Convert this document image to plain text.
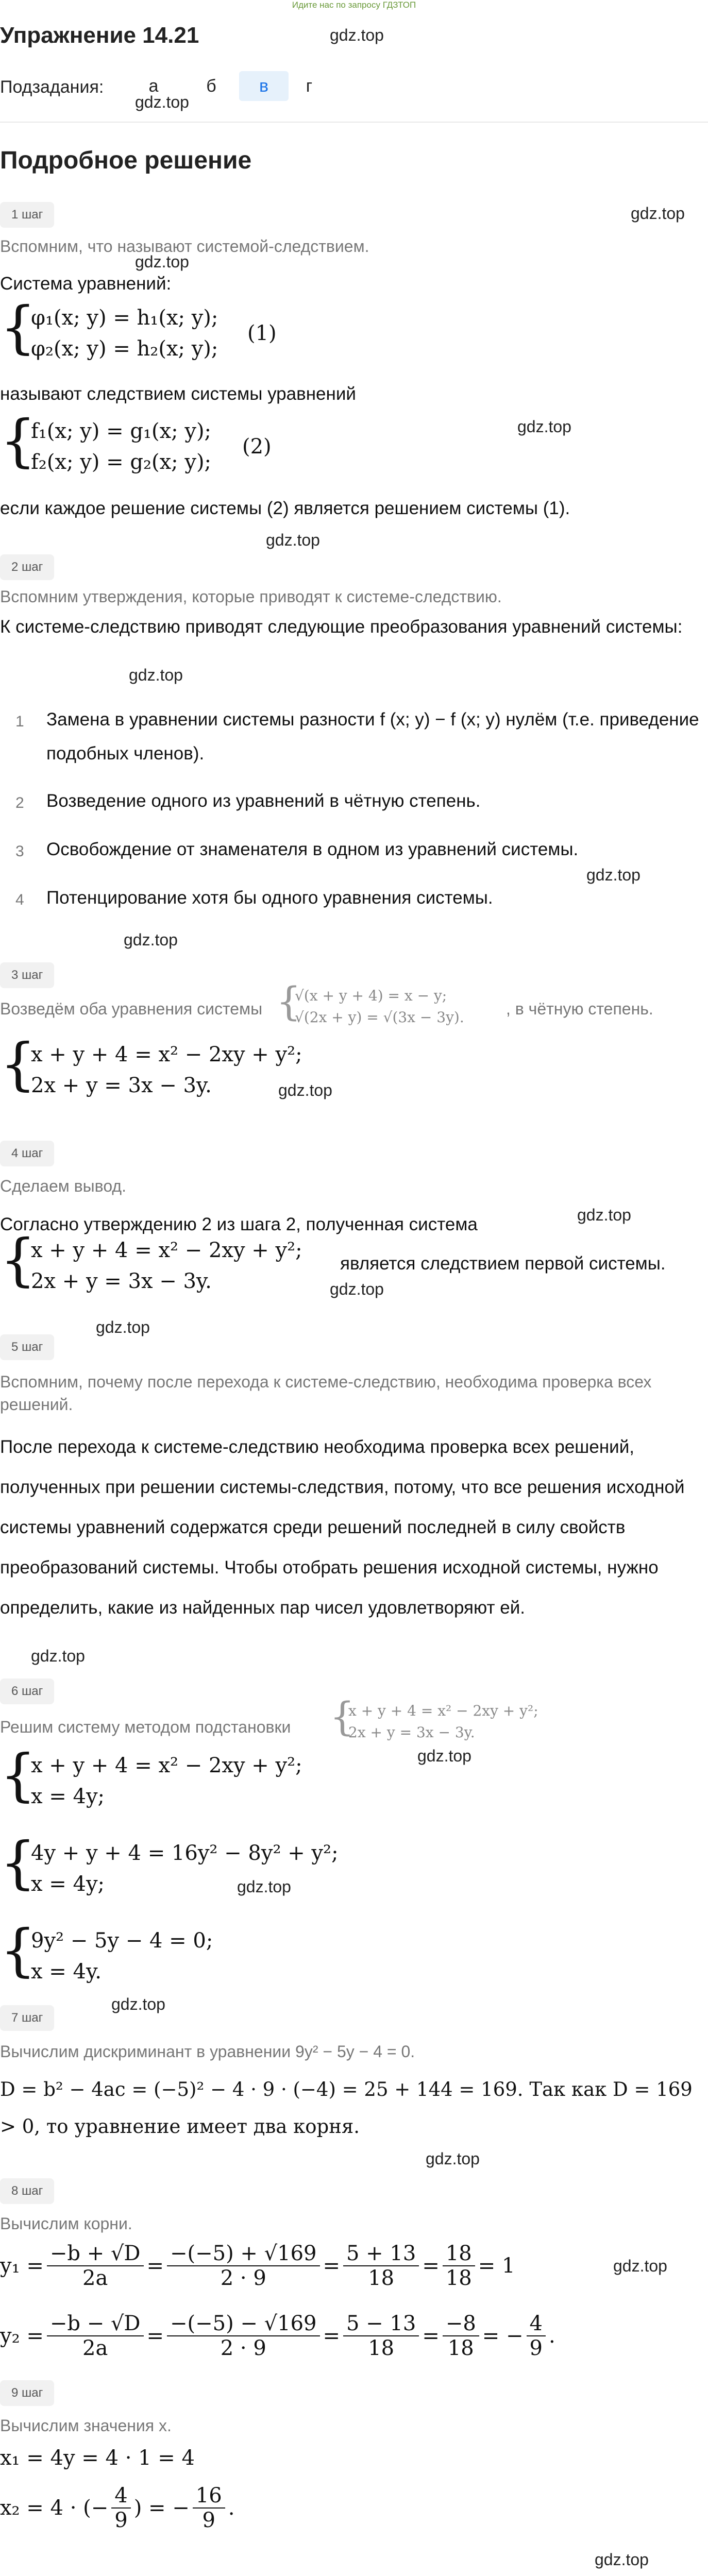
Идите нас по запросу ГДЗТОП
Упражнение 14.21	gdz.top
Подзадания:	а	б	в	г
gdz.top
Подробное решение
1 шаг	gdz.top
Вспомним, что называют системой-следствием.
gdz.top
Система уравнений:
{
φ₁(x; y) = h₁(x; y);
φ₂(x; y) = h₂(x; y);
(1)
называют следствием системы уравнений
gdz.top
{
f₁(x; y) = g₁(x; y);
f₂(x; y) = g₂(x; y);
(2)
если каждое решение системы (2) является решением системы (1).
gdz.top
2 шаг
Вспомним утверждения, которые приводят к системе-следствию.
К системе-следствию приводят следующие преобразования уравнений системы:
gdz.top
1	Замена в уравнении системы разности f (x; y) − f (x; y) нулём (т.е. приведение подобных членов).
2	Возведение одного из уравнений в чётную степень.
3	Освобождение от знаменателя в одном из уравнений системы.
gdz.top
4	Потенцирование хотя бы одного уравнения системы.
gdz.top
3 шаг
Возведём оба уравнения системы {
√(x + y + 4) = x − y;
√(2x + y) = √(3x − 3y).	, в чётную степень.
{
x + y + 4 = x² − 2xy + y²;
2x + y = 3x − 3y.	gdz.top
4 шаг
Сделаем вывод.
gdz.top
Согласно утверждению 2 из шага 2, полученная система
{
x + y + 4 = x² − 2xy + y²;
2x + y = 3x − 3y.
является следствием первой системы.
gdz.top
gdz.top
5 шаг
Вспомним, почему после перехода к системе-следствию, необходима проверка всех решений.
После перехода к системе-следствию необходима проверка всех решений, полученных при решении системы-следствия, потому, что все решения исходной системы уравнений содержатся среди решений последней в силу свойств преобразований системы. Чтобы отобрать решения исходной системы, нужно определить, какие из найденных пар чисел удовлетворяют ей.
gdz.top
6 шаг
Решим систему методом подстановки {
x + y + 4 = x² − 2xy + y²;
2x + y = 3x − 3y.
gdz.top
{
x + y + 4 = x² − 2xy + y²;
x = 4y;
{
4y + y + 4 = 16y² − 8y² + y²;
x = 4y;	gdz.top
{
9y² − 5y − 4 = 0;
x = 4y.
gdz.top
7 шаг
Вычислим дискриминант в уравнении 9y² − 5y − 4 = 0.
D = b² − 4ac = (−5)² − 4 · 9 · (−4) = 25 + 144 = 169. Так как D = 169 > 0, то уравнение имеет два корня.
gdz.top
8 шаг
Вычислим корни.
$y_1 = \frac{-b + √D}{2a} = \frac{-(-5) + √169}{2 \cdot 9} = \frac{5 + 13}{18} = \frac{18}{18} = 1$	gdz.top
$y_2 = \frac{-b - √D}{2a} = \frac{-(-5) - √169}{2 \cdot 9} = \frac{5 - 13}{18} = \frac{-8}{18}$ = − $\frac{4}{9}$ .
9 шаг
Вычислим значения x.
x₁ = 4y = 4 · 1 = 4
x₂ = 4 · (− $\frac{4}{9}$ ) = − $\frac{16}{9}$ .
gdz.top
